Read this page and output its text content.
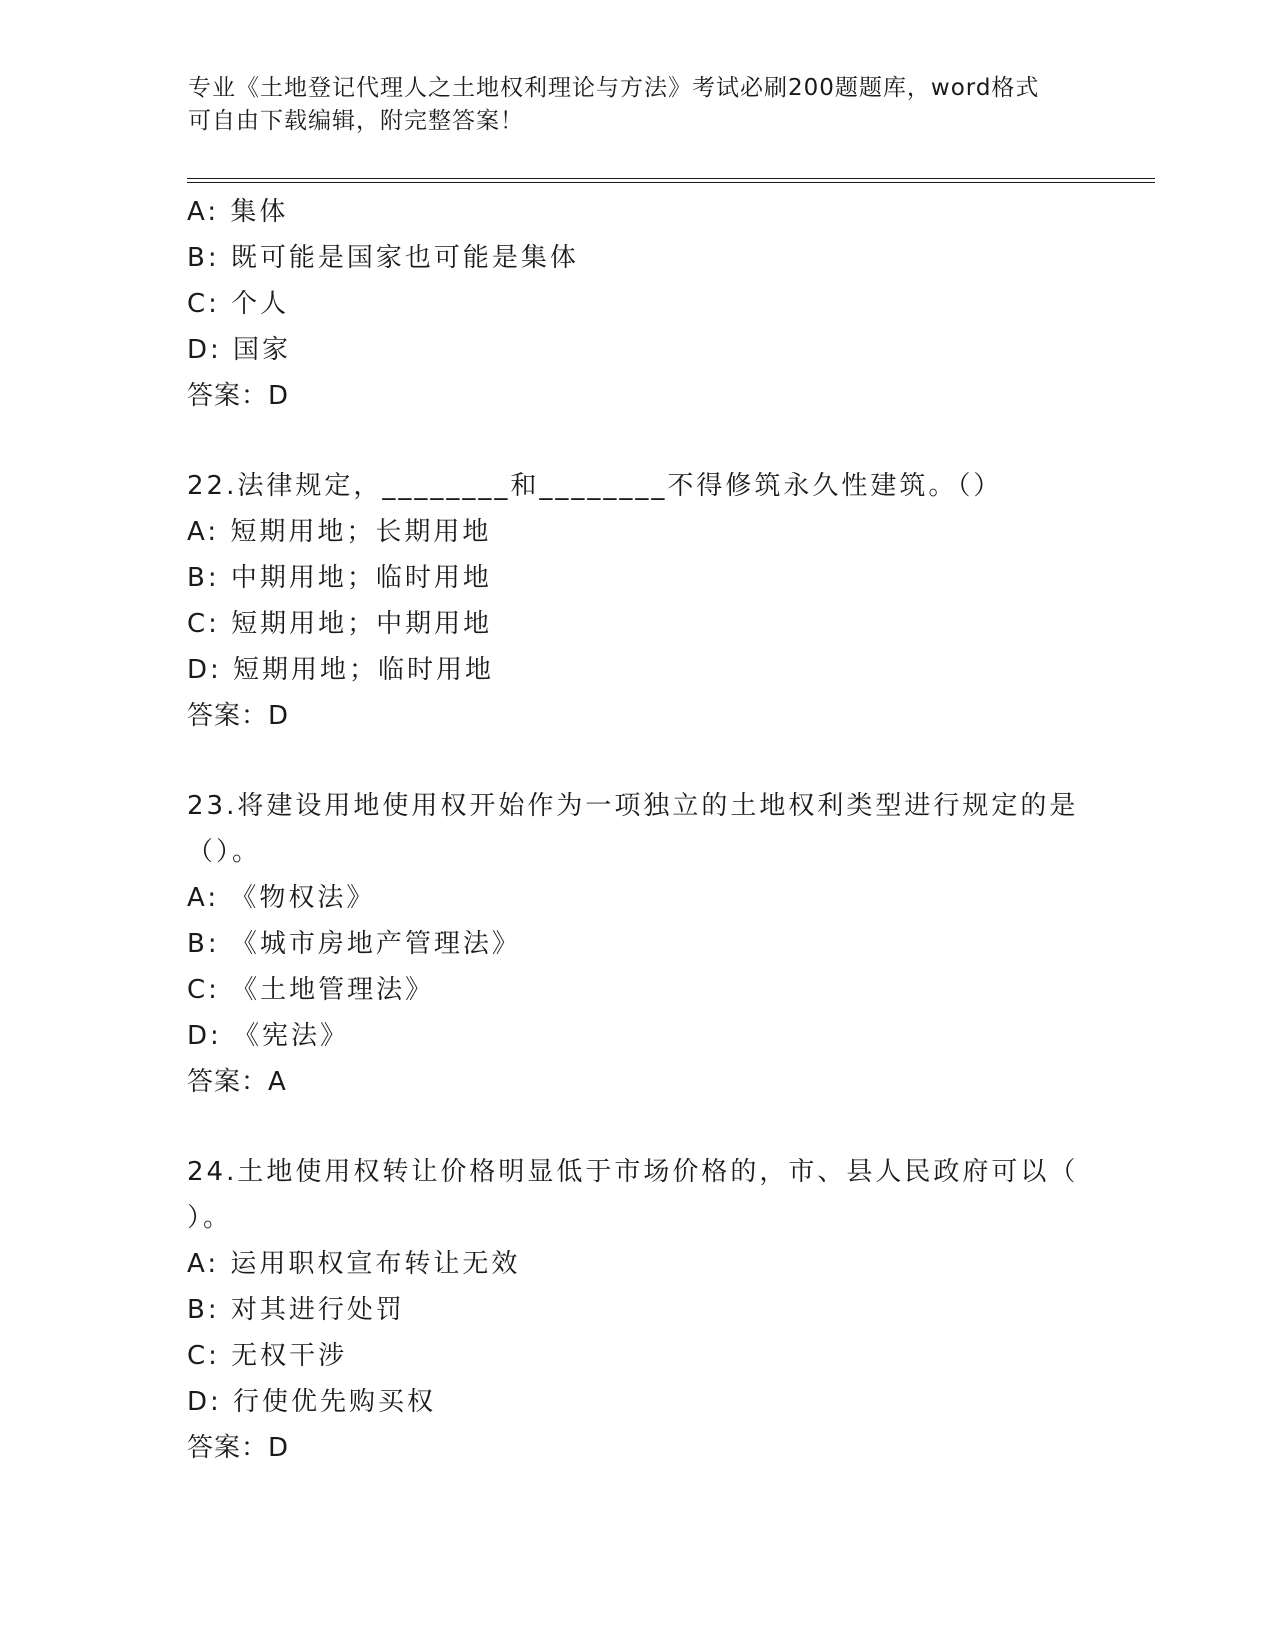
专业《土地登记代理人之土地权利理论与方法》考试必刷200题题库，word格式
可自由下载编辑，附完整答案！
A: 集体
B: 既可能是国家也可能是集体
C: 个人
D: 国家
答案：D
22.法律规定，________和________不得修筑永久性建筑。（）
A: 短期用地；长期用地
B: 中期用地；临时用地
C: 短期用地；中期用地
D: 短期用地；临时用地
答案：D
23.将建设用地使用权开始作为一项独立的土地权利类型进行规定的是
（）。
A: 《物权法》
B: 《城市房地产管理法》
C: 《土地管理法》
D: 《宪法》
答案：A
24.土地使用权转让价格明显低于市场价格的，市、县人民政府可以（
）。
A: 运用职权宣布转让无效
B: 对其进行处罚
C: 无权干涉
D: 行使优先购买权
答案：D
